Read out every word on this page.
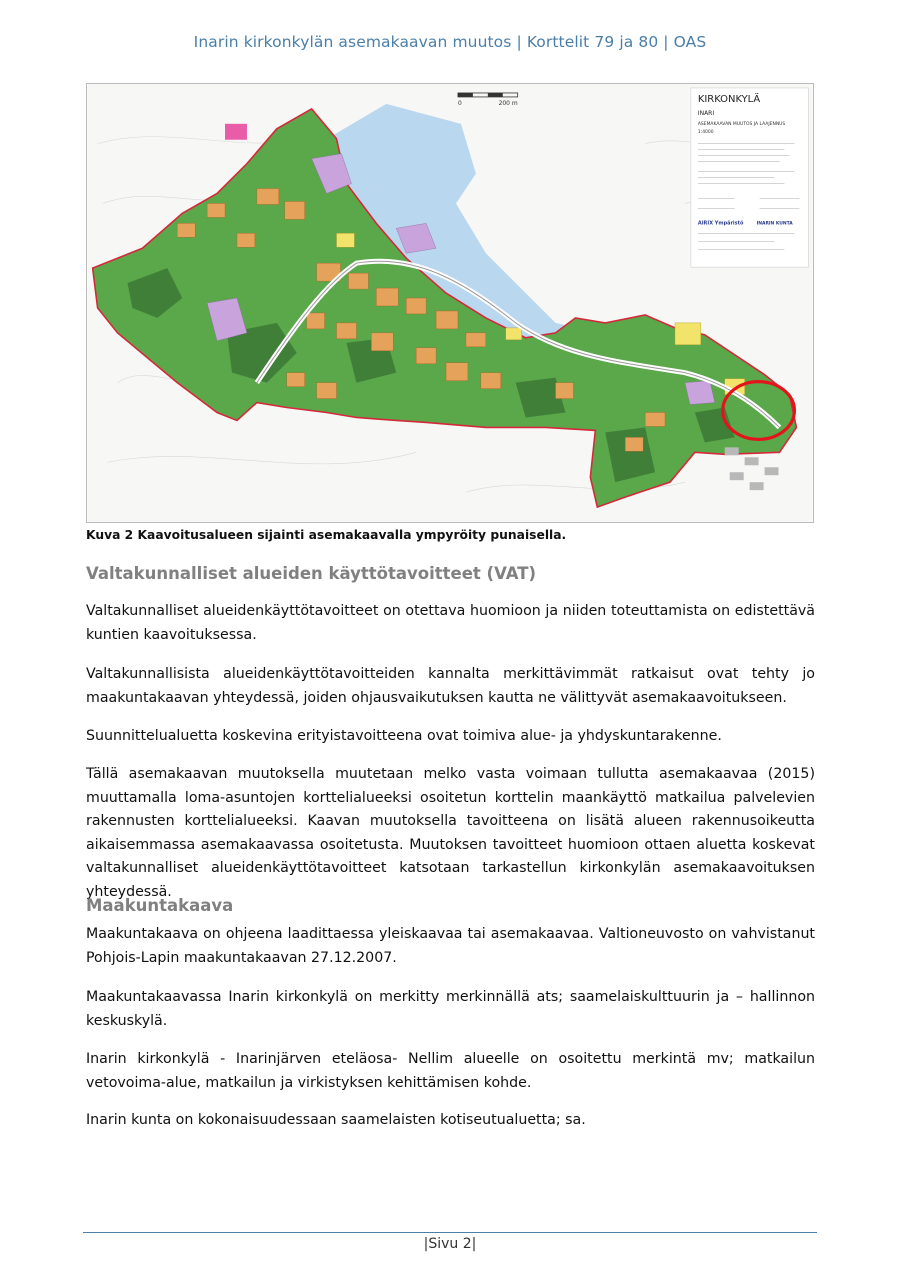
Inarin kirkonkylän asemakaavan muutos | Korttelit 79 ja 80 | OAS
0	200 m	KIRKONKYLÄ
INARI
ASEMAKAAVAN MUUTOS JA LAAJENNUS
1:4000
AIRIX Ympäristö	INARIN KUNTA
Kuva 2 Kaavoitusalueen sijainti asemakaavalla ympyröity punaisella.
Valtakunnalliset alueiden käyttötavoitteet (VAT)

Valtakunnalliset alueidenkäyttötavoitteet on otettava huomioon ja niiden toteuttamista on edistettävä kuntien kaavoituksessa.

Valtakunnallisista alueidenkäyttötavoitteiden kannalta merkittävimmät ratkaisut ovat tehty jo maakuntakaavan yhteydessä, joiden ohjausvaikutuksen kautta ne välittyvät asemakaavoitukseen.

Suunnittelualuetta koskevina erityistavoitteena ovat toimiva alue- ja yhdyskuntarakenne.

Tällä asemakaavan muutoksella muutetaan melko vasta voimaan tullutta asemakaavaa (2015) muuttamalla loma-asuntojen korttelialueeksi osoitetun korttelin maankäyttö matkailua palvelevien rakennusten korttelialueeksi. Kaavan muutoksella tavoitteena on lisätä alueen rakennusoikeutta aikaisemmassa asemakaavassa osoitetusta. Muutoksen tavoitteet huomioon ottaen aluetta koskevat valtakunnalliset alueidenkäyttötavoitteet katsotaan tarkastellun kirkonkylän asemakaavoituksen yhteydessä.

Maakuntakaava

Maakuntakaava on ohjeena laadittaessa yleiskaavaa tai asemakaavaa. Valtioneuvosto on vahvistanut Pohjois-Lapin maakuntakaavan 27.12.2007.

Maakuntakaavassa Inarin kirkonkylä on merkitty merkinnällä ats; saamelaiskulttuurin ja – hallinnon keskuskylä.

Inarin kirkonkylä - Inarinjärven eteläosa- Nellim alueelle on osoitettu merkintä mv; matkailun vetovoima-alue, matkailun ja virkistyksen kehittämisen kohde.

Inarin kunta on kokonaisuudessaan saamelaisten kotiseutualuetta; sa.

|Sivu 2|
